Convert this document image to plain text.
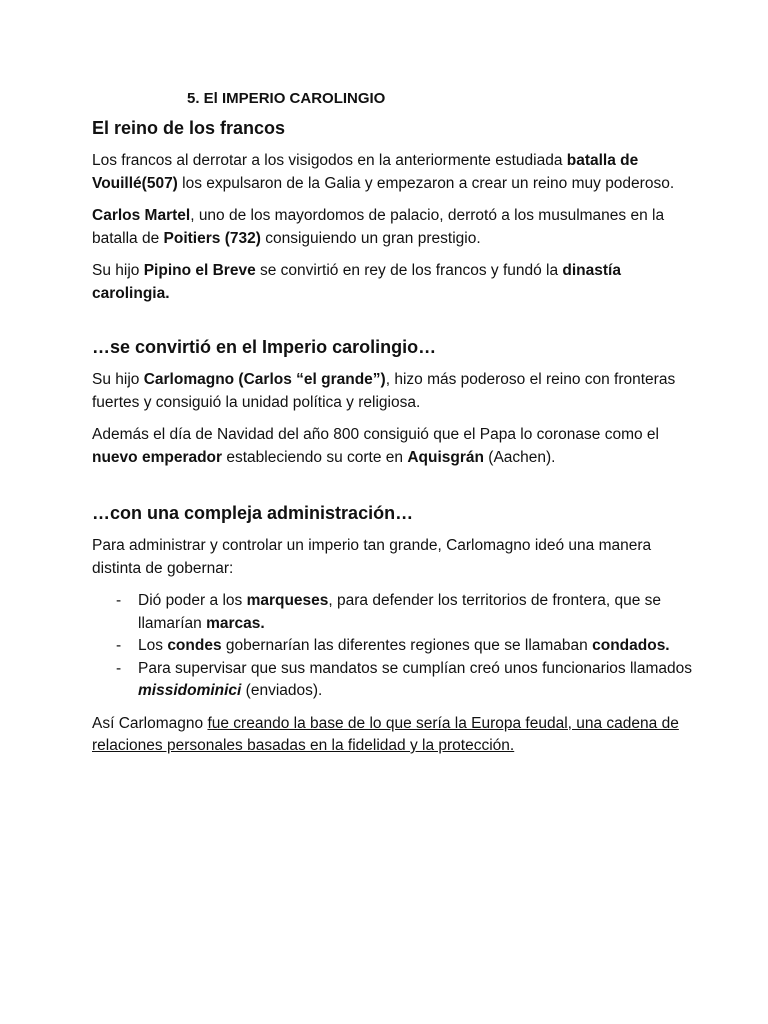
5. El IMPERIO CAROLINGIO
El reino de los francos

Los francos al derrotar a los visigodos en la anteriormente estudiada batalla de Vouillé(507) los expulsaron de la Galia y empezaron a crear un reino muy poderoso.

Carlos Martel, uno de los mayordomos de palacio, derrotó a los musulmanes en la batalla de Poitiers (732) consiguiendo un gran prestigio.

Su hijo Pipino el Breve se convirtió en rey de los francos y fundó la dinastía carolingia.

…se convirtió en el Imperio carolingio…

Su hijo Carlomagno (Carlos “el grande”), hizo más poderoso el reino con fronteras fuertes y consiguió la unidad política y religiosa.

Además el día de Navidad del año 800 consiguió que el Papa lo coronase como el nuevo emperador estableciendo su corte en Aquisgrán (Aachen).

…con una compleja administración…

Para administrar y controlar un imperio tan grande, Carlomagno ideó una manera distinta de gobernar:

- Dió poder a los marqueses, para defender los territorios de frontera, que se llamarían marcas.
- Los condes gobernarían las diferentes regiones que se llamaban condados.
- Para supervisar que sus mandatos se cumplían creó unos funcionarios llamados missidominici (enviados).

Así Carlomagno fue creando la base de lo que sería la Europa feudal, una cadena de relaciones personales basadas en la fidelidad y la protección.
